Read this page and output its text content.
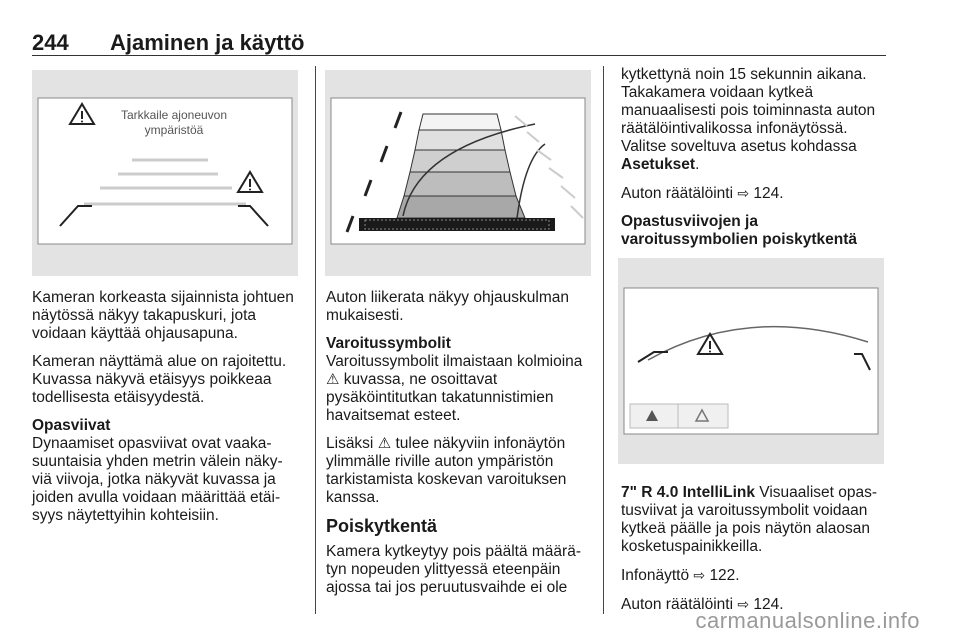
244 Ajaminen ja käyttö
Tarkkaile ajoneuvon
ympäristöä

Kameran korkeasta sijainnista johtuen näytössä näkyy takapuskuri, jota voidaan käyttää ohjausapuna.

Kameran näyttämä alue on rajoitettu. Kuvassa näkyvä etäisyys poikkeaa todellisesta etäisyydestä.

Opasviivat

Dynaamiset opasviivat ovat vaaka-suuntaisia yhden metrin välein näky-viä viivoja, jotka näkyvät kuvassa ja joiden avulla voidaan määrittää etäi-syys näytettyihin kohteisiin.

Auton liikerata näkyy ohjauskulman mukaisesti.

Varoitussymbolit

Varoitussymbolit ilmaistaan kolmioina ⚠ kuvassa, ne osoittavat pysäköintitutkan takatunnistimien havaitsemat esteet.

Lisäksi ⚠ tulee näkyviin infonäytön ylimmälle riville auton ympäristön tarkistamista koskevan varoituksen kanssa.

Poiskytkentä

Kamera kytkeytyy pois päältä määrä-tyn nopeuden ylittyessä eteenpäin ajossa tai jos peruutusvaihde ei ole

kytkettynä noin 15 sekunnin aikana. Takakamera voidaan kytkeä manuaalisesti pois toiminnasta auton räätälöintivalikossa infonäytössä. Valitse soveltuva asetus kohdassa Asetukset.

Auton räätälöinti ⇨ 124.

Opastusviivojen ja varoitussymbolien poiskytkentä

7" R 4.0 IntelliLink Visuaaliset opas-tusviivat ja varoitussymbolit voidaan kytkeä päälle ja pois näytön alaosan kosketuspainikkeilla.

Infonäyttö ⇨ 122.

Auton räätälöinti ⇨ 124.

carmanualsonline.info
